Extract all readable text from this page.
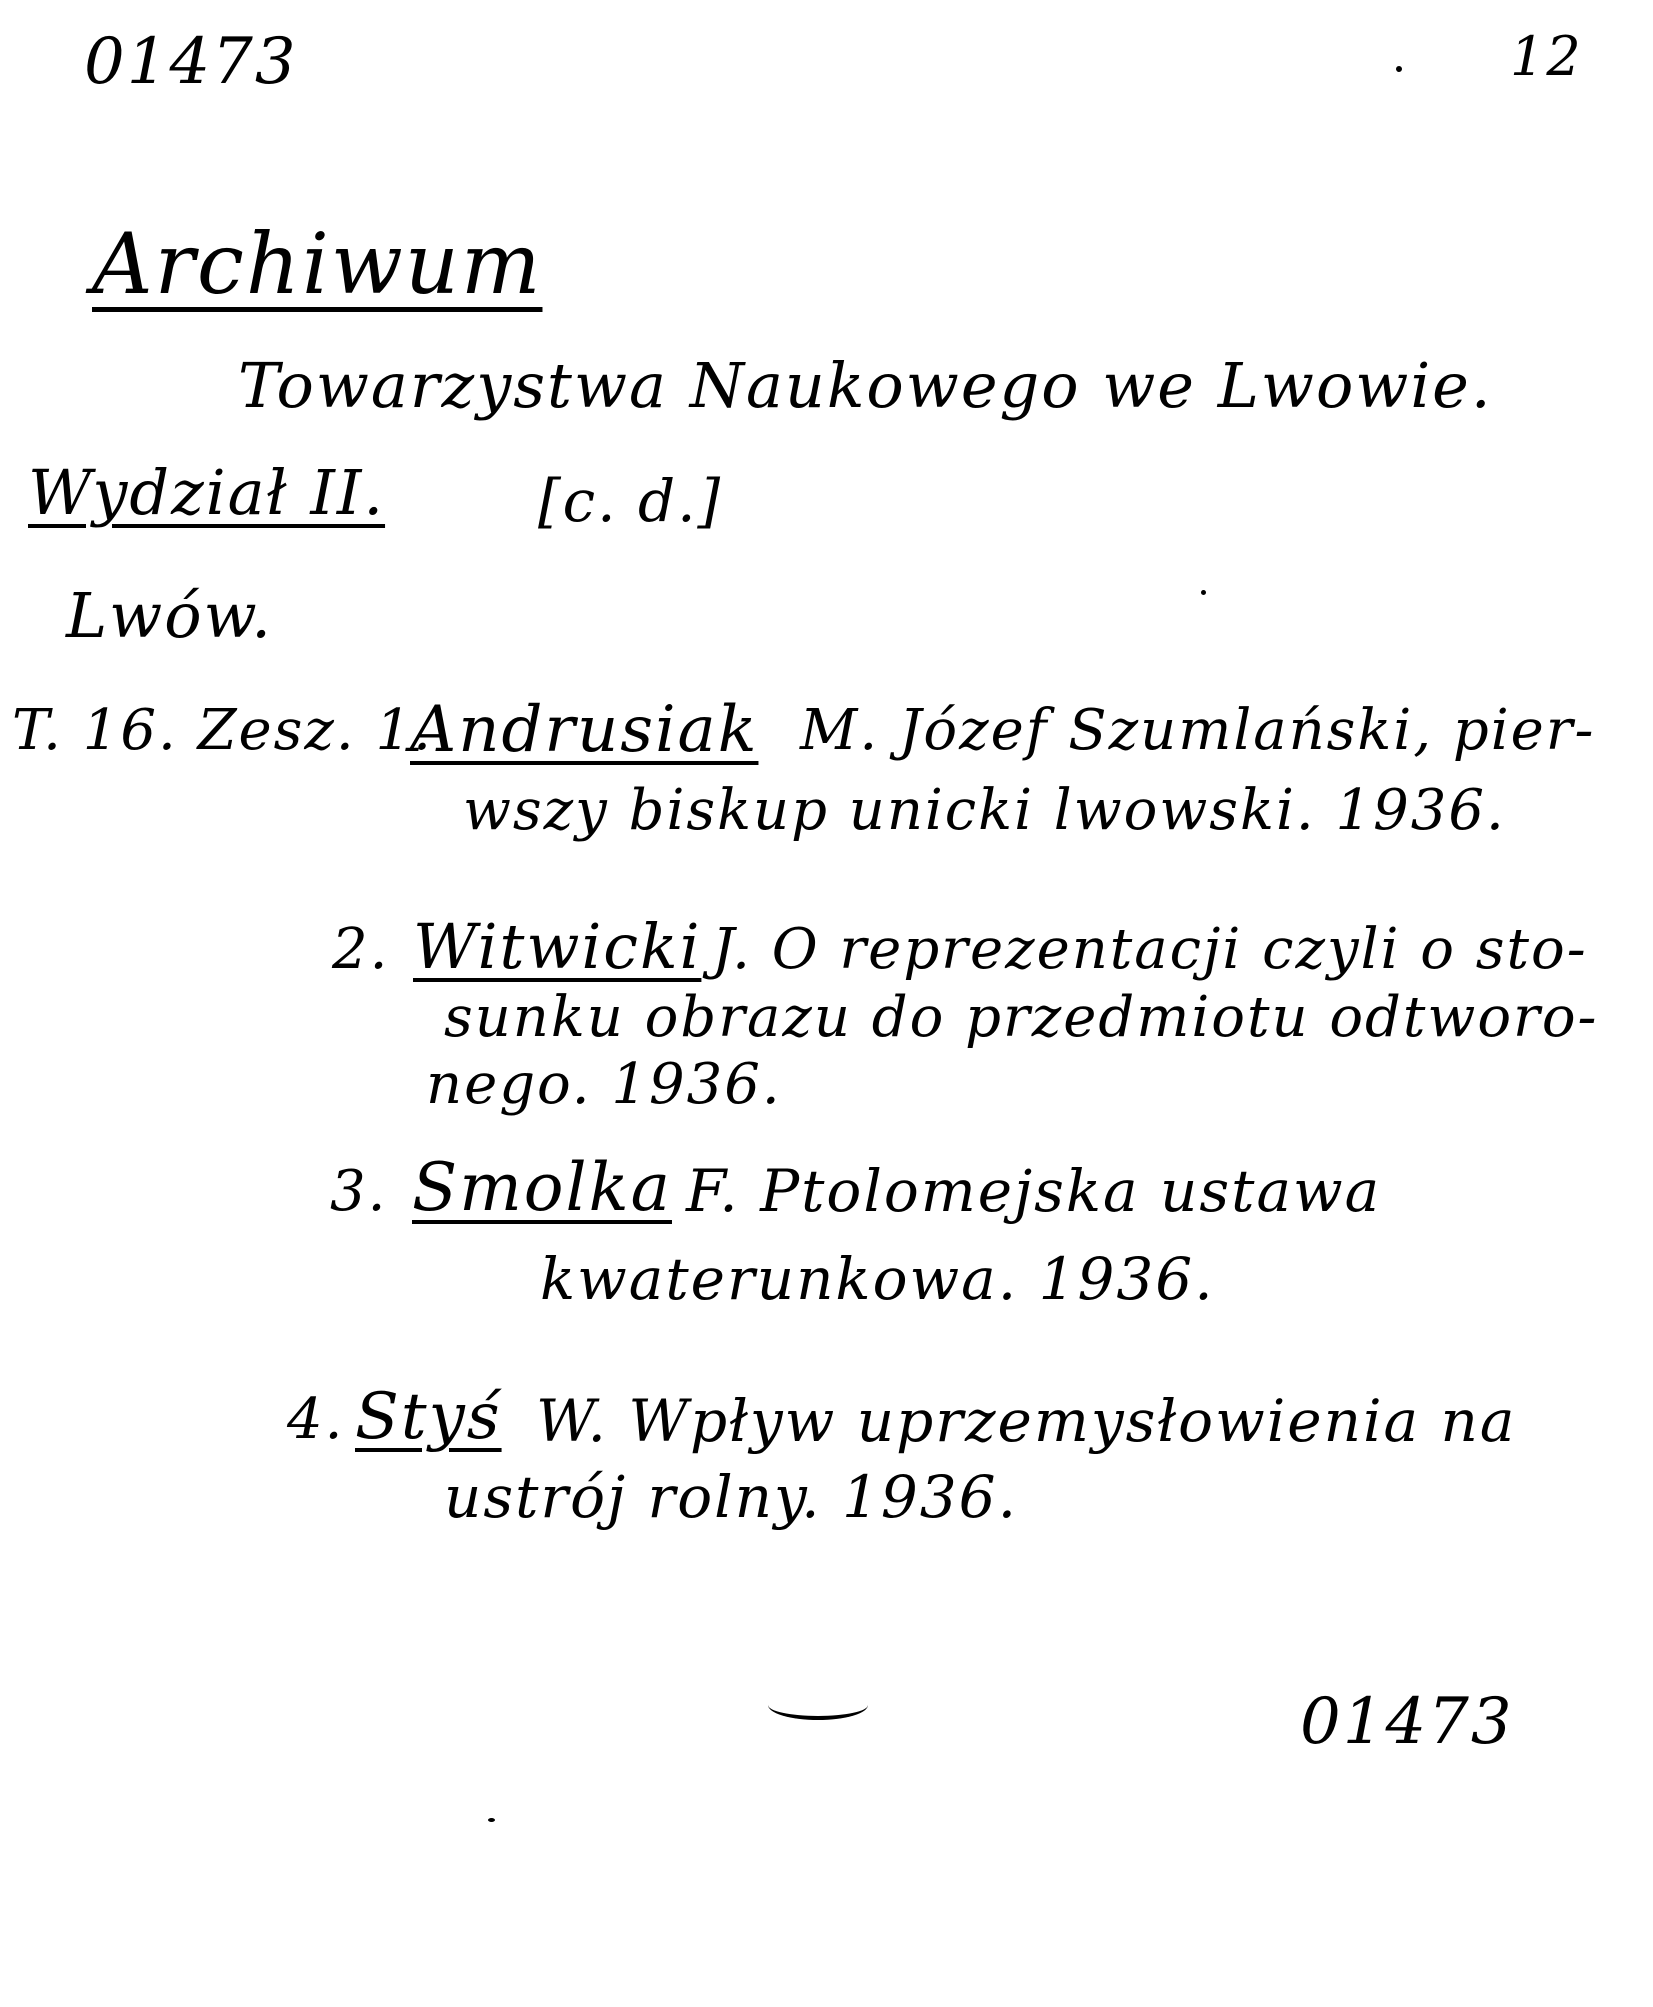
01473	12
Archiwum
Towarzystwa Naukowego we Lwowie.
Wydział II.	[c. d.]
Lwów.
T. 16. Zesz. 1.
Andrusiak M. Józef Szumlański, pier-
wszy biskup unicki lwowski. 1936.
2. Witwicki J. O reprezentacji czyli o sto-
sunku obrazu do przedmiotu odtworo-
nego. 1936.
3. Smolka F. Ptolomejska ustawa
kwaterunkowa. 1936.
4. Styś W. Wpływ uprzemysłowienia na
ustrój rolny. 1936.
01473
